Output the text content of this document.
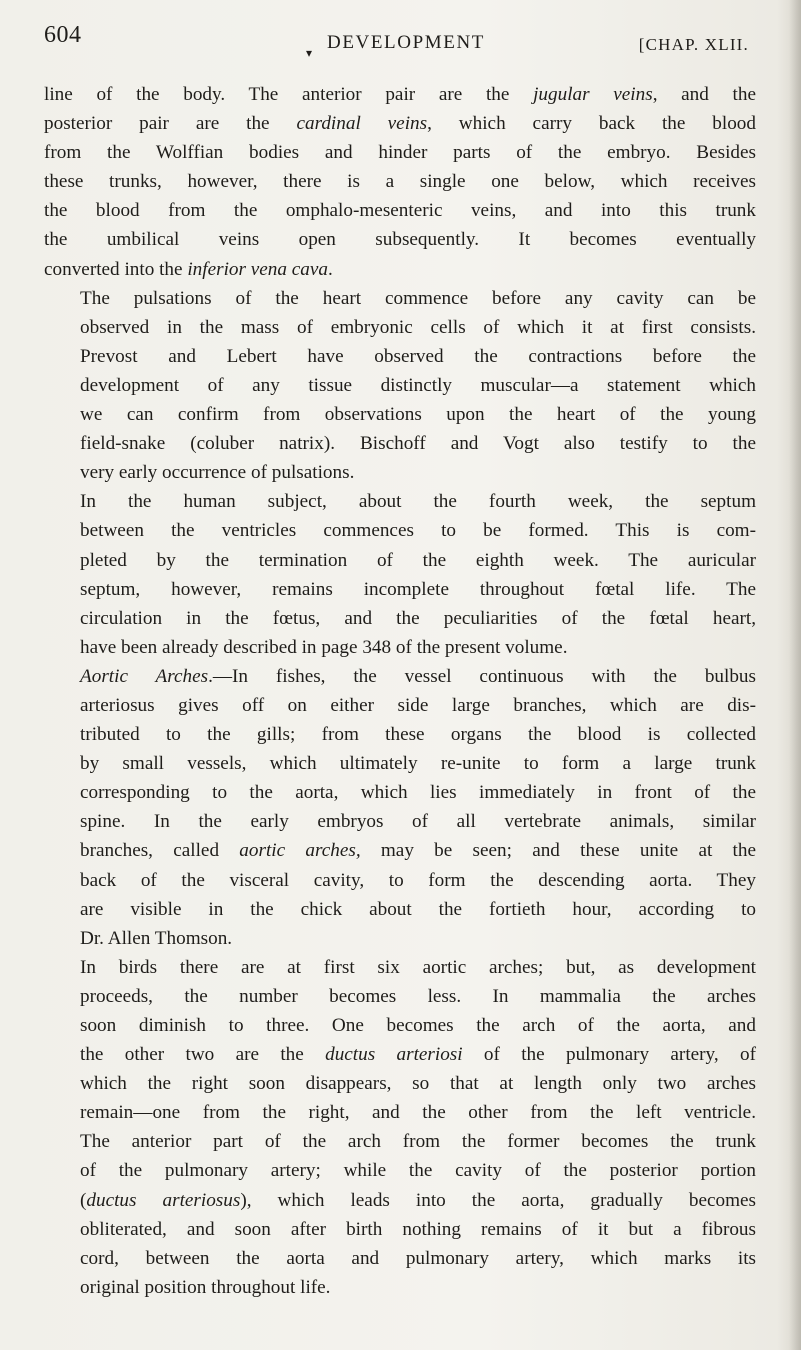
604
▾ DEVELOPMENT	[CHAP. XLII.

line of the body. The anterior pair are the jugular veins, and the
posterior pair are the cardinal veins, which carry back the blood
from the Wolffian bodies and hinder parts of the embryo. Besides
these trunks, however, there is a single one below, which receives
the blood from the omphalo-mesenteric veins, and into this trunk
the umbilical veins open subsequently. It becomes eventually
converted into the inferior vena cava.

The pulsations of the heart commence before any cavity can be
observed in the mass of embryonic cells of which it at first consists.
Prevost and Lebert have observed the contractions before the
development of any tissue distinctly muscular—a statement which
we can confirm from observations upon the heart of the young
field-snake (coluber natrix). Bischoff and Vogt also testify to the
very early occurrence of pulsations.

In the human subject, about the fourth week, the septum
between the ventricles commences to be formed. This is com-
pleted by the termination of the eighth week. The auricular
septum, however, remains incomplete throughout fœtal life. The
circulation in the fœtus, and the peculiarities of the fœtal heart,
have been already described in page 348 of the present volume.

Aortic Arches.—In fishes, the vessel continuous with the bulbus
arteriosus gives off on either side large branches, which are dis-
tributed to the gills; from these organs the blood is collected
by small vessels, which ultimately re-unite to form a large trunk
corresponding to the aorta, which lies immediately in front of the
spine. In the early embryos of all vertebrate animals, similar
branches, called aortic arches, may be seen; and these unite at the
back of the visceral cavity, to form the descending aorta. They
are visible in the chick about the fortieth hour, according to
Dr. Allen Thomson.

In birds there are at first six aortic arches; but, as development
proceeds, the number becomes less. In mammalia the arches
soon diminish to three. One becomes the arch of the aorta, and
the other two are the ductus arteriosi of the pulmonary artery, of
which the right soon disappears, so that at length only two arches
remain—one from the right, and the other from the left ventricle.
The anterior part of the arch from the former becomes the trunk
of the pulmonary artery; while the cavity of the posterior portion
(ductus arteriosus), which leads into the aorta, gradually becomes
obliterated, and soon after birth nothing remains of it but a fibrous
cord, between the aorta and pulmonary artery, which marks its
original position throughout life.
